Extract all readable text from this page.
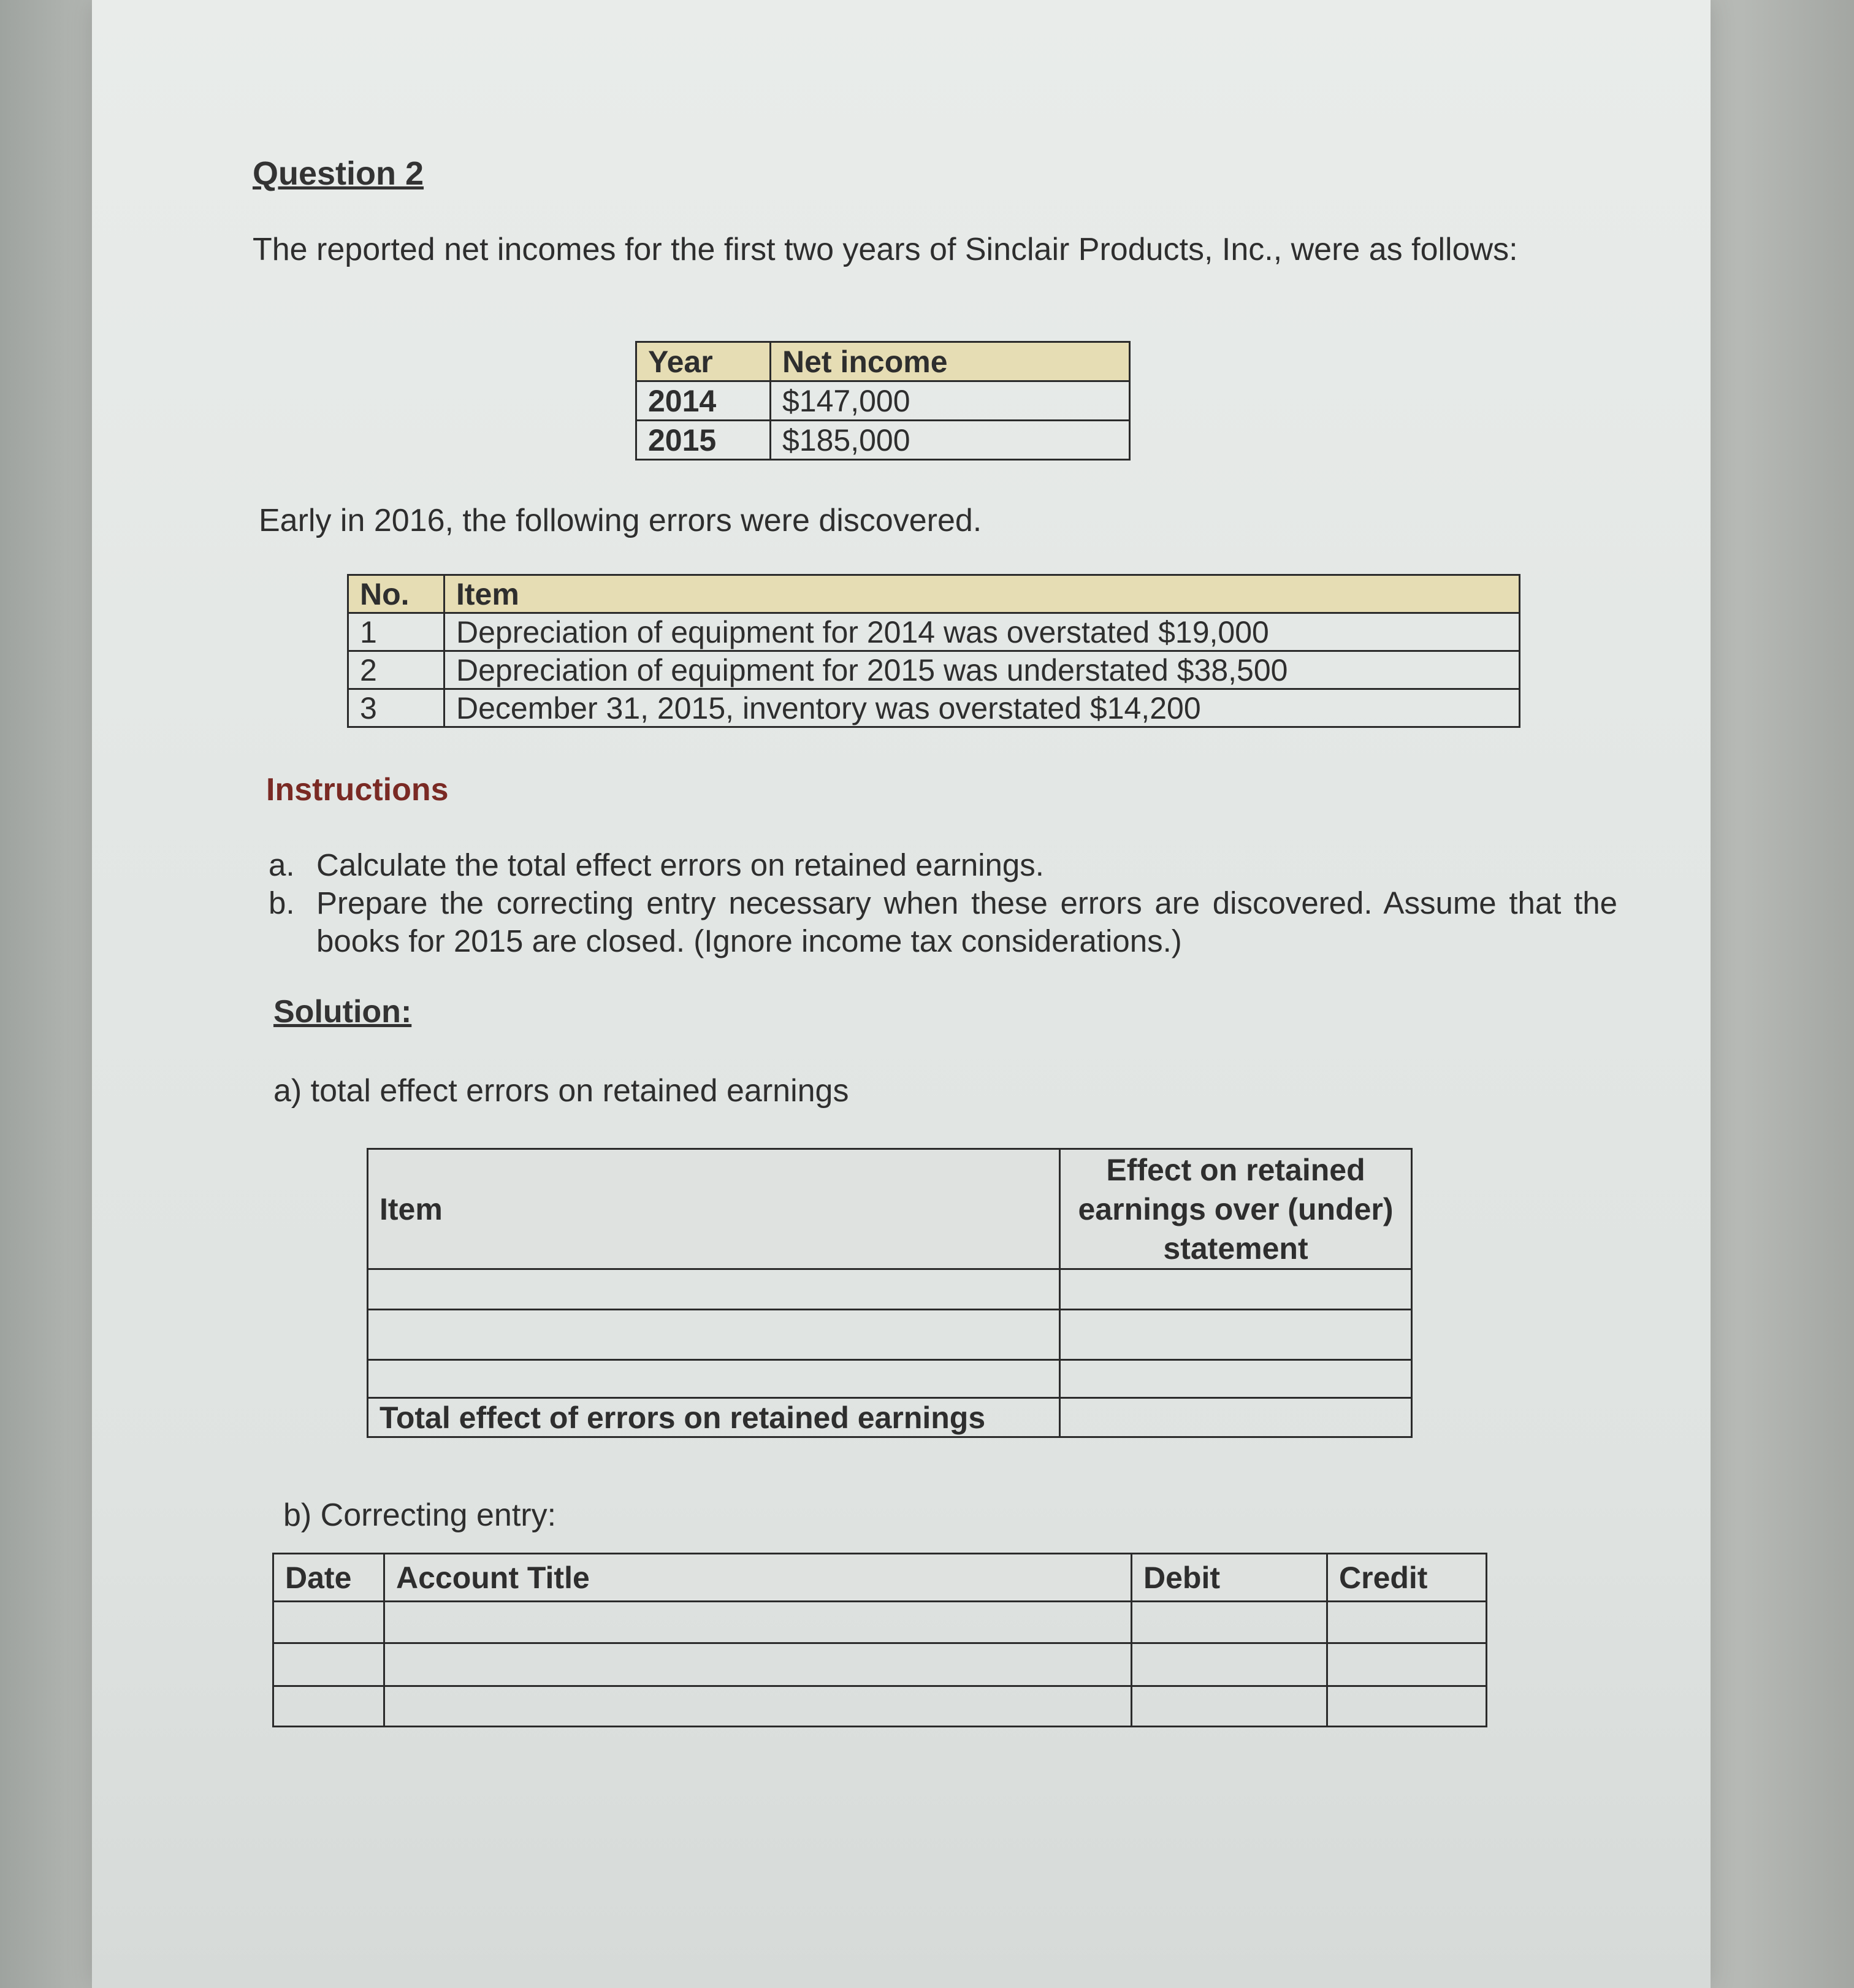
Question 2
The reported net incomes for the first two years of Sinclair Products, Inc., were as follows:
Year	Net income
2014	$147,000
2015	$185,000
Early in 2016, the following errors were discovered.
No.	Item
1	Depreciation of equipment for 2014 was overstated $19,000
2	Depreciation of equipment for 2015 was understated $38,500
3	December 31, 2015, inventory was overstated $14,200
Instructions
a. Calculate the total effect errors on retained earnings.
b. Prepare the correcting entry necessary when these errors are discovered. Assume that the books for 2015 are closed. (Ignore income tax considerations.)
Solution:
a) total effect errors on retained earnings
Item	Effect on retained earnings over (under) statement

Total effect of errors on retained earnings	
b) Correcting entry:
Date	Account Title	Debit	Credit
